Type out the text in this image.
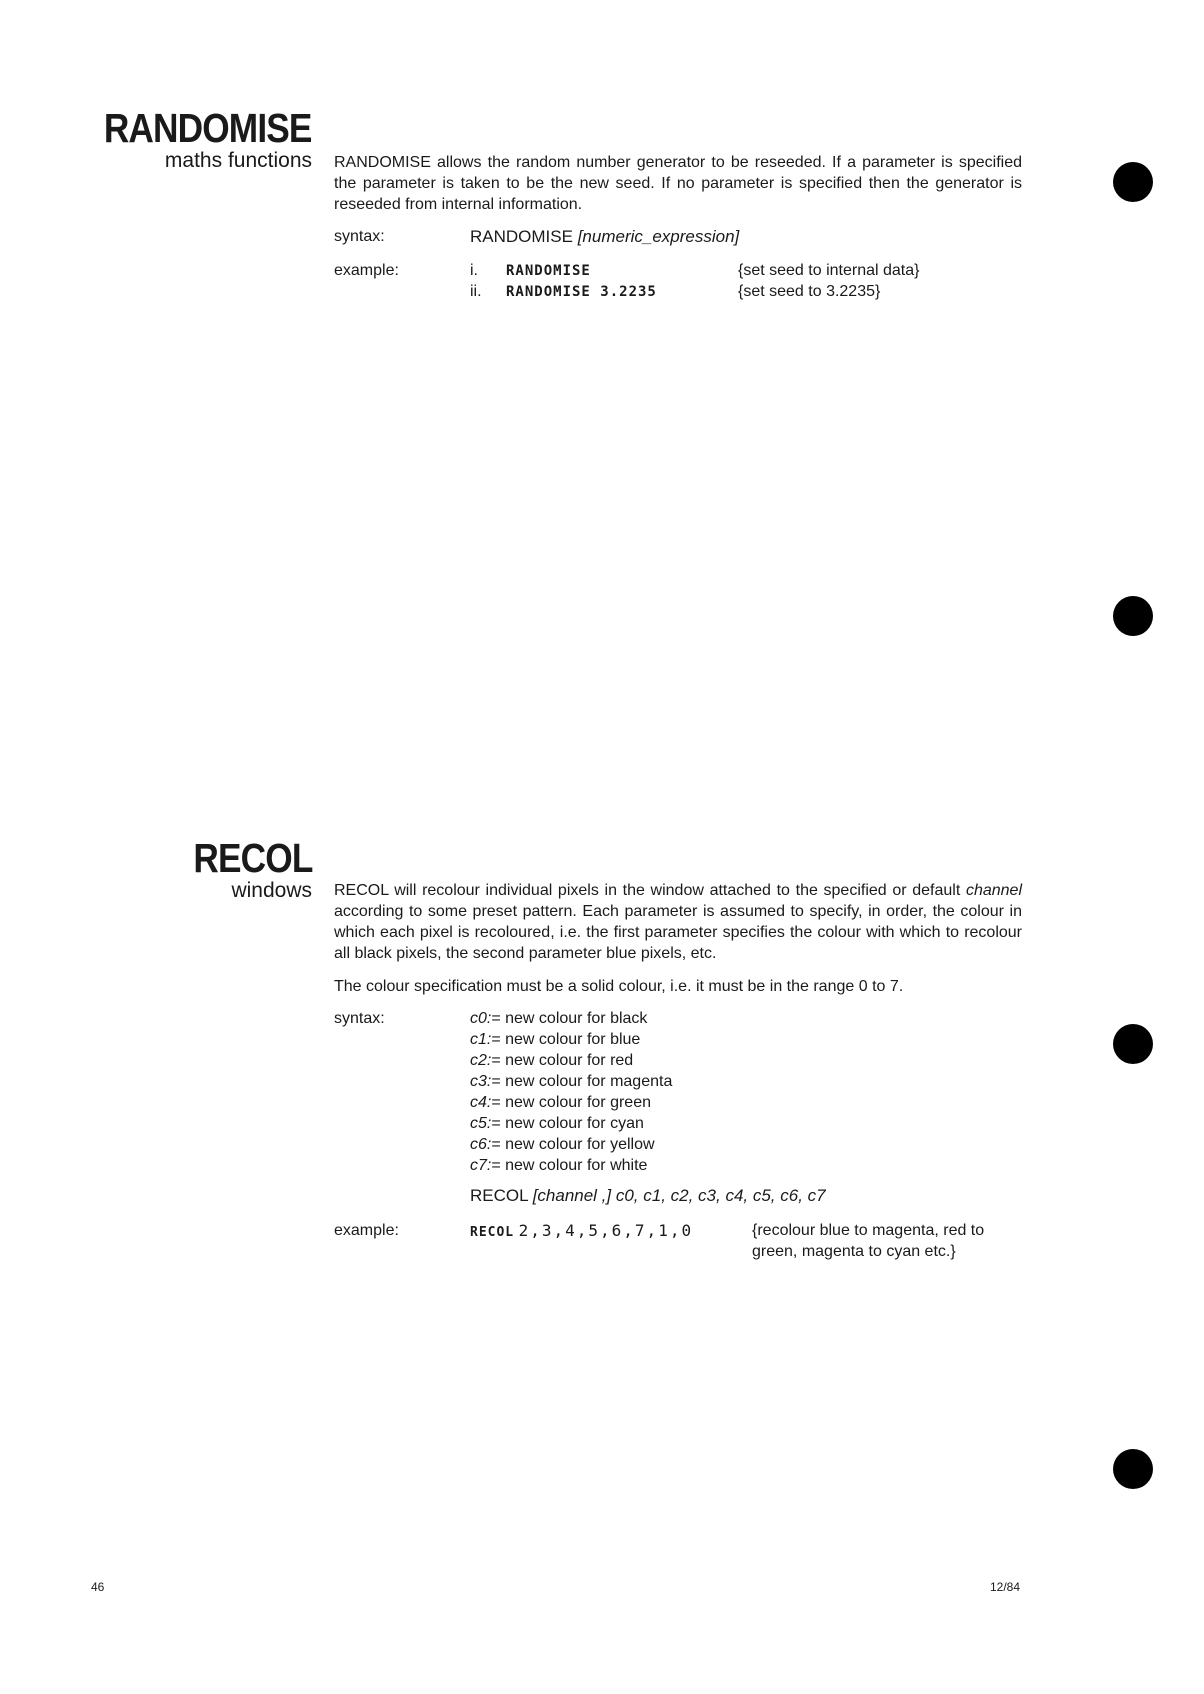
RANDOMISE
maths functions RANDOMISE allows the random number generator to be reseeded. If a parameter is specified the parameter is taken to be the new seed. If no parameter is specified then the generator is reseeded from internal information.
syntax:	RANDOMISE [numeric_expression]
example:	i. RANDOMISE	{set seed to internal data}
ii. RANDOMISE 3.2235	{set seed to 3.2235}
RECOL
windows RECOL will recolour individual pixels in the window attached to the specified or default channel according to some preset pattern. Each parameter is assumed to specify, in order, the colour in which each pixel is recoloured, i.e. the first parameter specifies the colour with which to recolour all black pixels, the second parameter blue pixels, etc.
The colour specification must be a solid colour, i.e. it must be in the range 0 to 7.
syntax:	c0:= new colour for black
c1:= new colour for blue
c2:= new colour for red
c3:= new colour for magenta
c4:= new colour for green
c5:= new colour for cyan
c6:= new colour for yellow
c7:= new colour for white
RECOL [channel ,] c0, c1, c2, c3, c4, c5, c6, c7
example:	RECOL 2,3,4,5,6,7,1,0	{recolour blue to magenta, red to green, magenta to cyan etc.}
46	12/84
